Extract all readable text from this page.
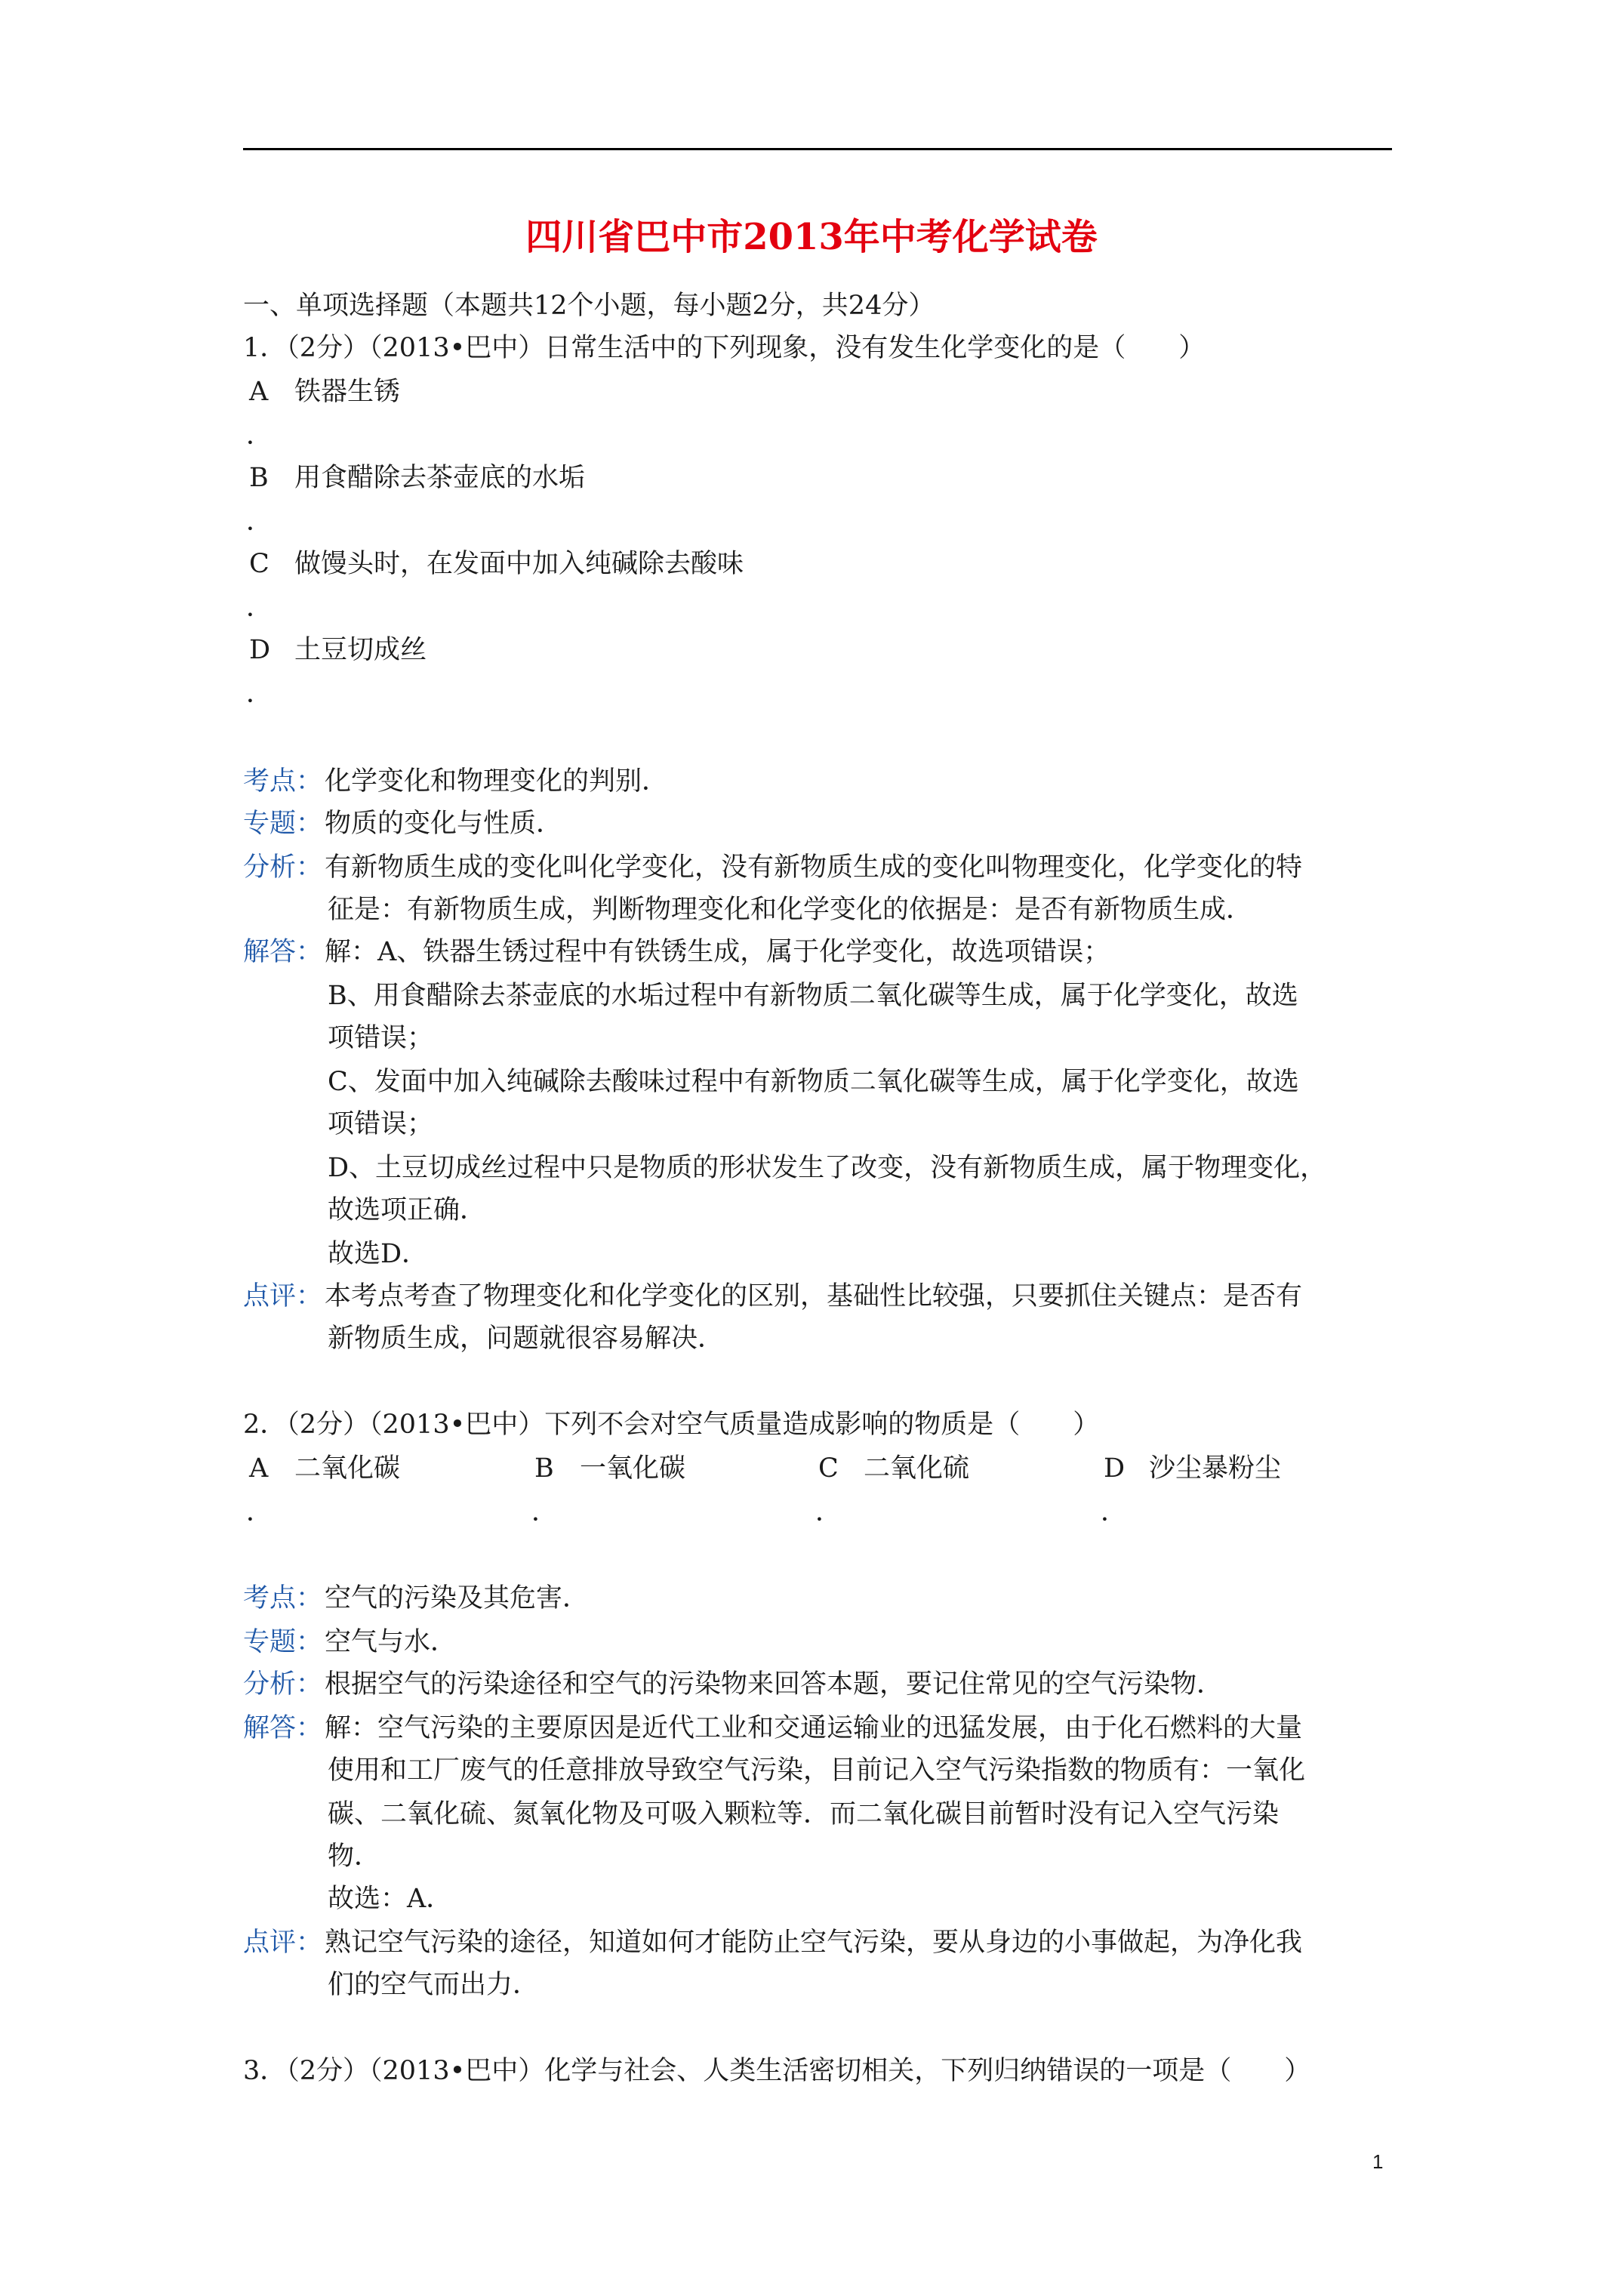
四川省巴中市2013年中考化学试卷
一、单项选择题（本题共12个小题，每小题2分，共24分）
1．（2分）（2013•巴中）日常生活中的下列现象，没有发生化学变化的是（　　）
A 铁器生锈
．
B 用食醋除去茶壶底的水垢
．
C 做馒头时，在发面中加入纯碱除去酸味
．
D 土豆切成丝
．
考点： 化学变化和物理变化的判别．
专题： 物质的变化与性质．
分析： 有新物质生成的变化叫化学变化，没有新物质生成的变化叫物理变化，化学变化的特
征是：有新物质生成，判断物理变化和化学变化的依据是：是否有新物质生成．
解答： 解：A、铁器生锈过程中有铁锈生成，属于化学变化，故选项错误；
B、用食醋除去茶壶底的水垢过程中有新物质二氧化碳等生成，属于化学变化，故选
项错误；
C、发面中加入纯碱除去酸味过程中有新物质二氧化碳等生成，属于化学变化，故选
项错误；
D、土豆切成丝过程中只是物质的形状发生了改变，没有新物质生成，属于物理变化，
故选项正确．
故选D．
点评： 本考点考查了物理变化和化学变化的区别，基础性比较强，只要抓住关键点：是否有
新物质生成，问题就很容易解决．
2．（2分）（2013•巴中）下列不会对空气质量造成影响的物质是（　　）
A 二氧化碳
．
B 一氧化碳
．
C 二氧化硫
．
D 沙尘暴粉尘
．
考点： 空气的污染及其危害．
专题： 空气与水．
分析： 根据空气的污染途径和空气的污染物来回答本题，要记住常见的空气污染物．
解答： 解：空气污染的主要原因是近代工业和交通运输业的迅猛发展，由于化石燃料的大量
使用和工厂废气的任意排放导致空气污染，目前记入空气污染指数的物质有：一氧化
碳、二氧化硫、氮氧化物及可吸入颗粒等．而二氧化碳目前暂时没有记入空气污染
物．
故选：A．
点评： 熟记空气污染的途径，知道如何才能防止空气污染，要从身边的小事做起，为净化我
们的空气而出力．
3．（2分）（2013•巴中）化学与社会、人类生活密切相关，下列归纳错误的一项是（　　）
1
